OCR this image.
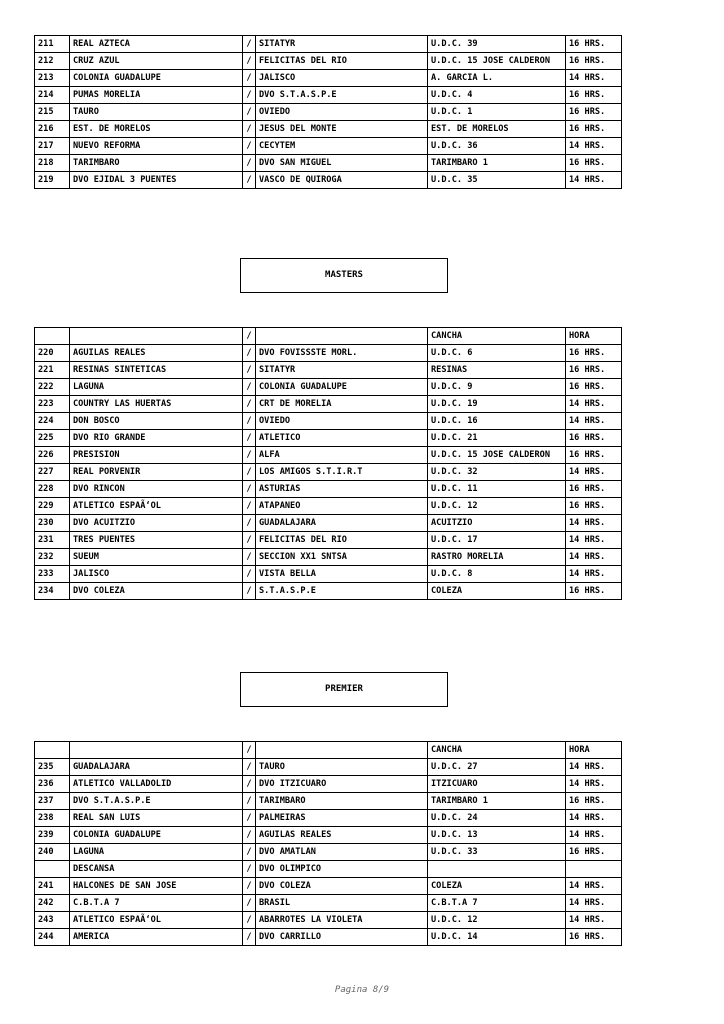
211	REAL AZTECA	/	SITATYR	U.D.C. 39	16 HRS.
212	CRUZ AZUL	/	FELICITAS DEL RIO	U.D.C. 15 JOSE CALDERON	16 HRS.
213	COLONIA GUADALUPE	/	JALISCO	A. GARCIA L.	14 HRS.
214	PUMAS MORELIA	/	DVO S.T.A.S.P.E	U.D.C. 4	16 HRS.
215	TAURO	/	OVIEDO	U.D.C. 1	16 HRS.
216	EST. DE MORELOS	/	JESUS DEL MONTE	EST. DE MORELOS	16 HRS.
217	NUEVO REFORMA	/	CECYTEM	U.D.C. 36	14 HRS.
218	TARIMBARO	/	DVO SAN MIGUEL	TARIMBARO 1	16 HRS.
219	DVO EJIDAL 3 PUENTES	/	VASCO DE QUIROGA	U.D.C. 35	14 HRS.
MASTERS
		/		CANCHA	HORA
220	AGUILAS REALES	/	DVO FOVISSSTE MORL.	U.D.C. 6	16 HRS.
221	RESINAS SINTETICAS	/	SITATYR	RESINAS	16 HRS.
222	LAGUNA	/	COLONIA GUADALUPE	U.D.C. 9	16 HRS.
223	COUNTRY LAS HUERTAS	/	CRT DE MORELIA	U.D.C. 19	14 HRS.
224	DON BOSCO	/	OVIEDO	U.D.C. 16	14 HRS.
225	DVO RIO GRANDE	/	ATLETICO	U.D.C. 21	16 HRS.
226	PRESISION	/	ALFA	U.D.C. 15 JOSE CALDERON	16 HRS.
227	REAL PORVENIR	/	LOS AMIGOS S.T.I.R.T	U.D.C. 32	14 HRS.
228	DVO RINCON	/	ASTURIAS	U.D.C. 11	16 HRS.
229	ATLETICO ESPAÃ‘OL	/	ATAPANEO	U.D.C. 12	16 HRS.
230	DVO ACUITZIO	/	GUADALAJARA	ACUITZIO	14 HRS.
231	TRES PUENTES	/	FELICITAS DEL RIO	U.D.C. 17	14 HRS.
232	SUEUM	/	SECCION XX1 SNTSA	RASTRO MORELIA	14 HRS.
233	JALISCO	/	VISTA BELLA	U.D.C. 8	14 HRS.
234	DVO COLEZA	/	S.T.A.S.P.E	COLEZA	16 HRS.
PREMIER
		/		CANCHA	HORA
235	GUADALAJARA	/	TAURO	U.D.C. 27	14 HRS.
236	ATLETICO VALLADOLID	/	DVO ITZICUARO	ITZICUARO	14 HRS.
237	DVO S.T.A.S.P.E	/	TARIMBARO	TARIMBARO 1	16 HRS.
238	REAL SAN LUIS	/	PALMEIRAS	U.D.C. 24	14 HRS.
239	COLONIA GUADALUPE	/	AGUILAS REALES	U.D.C. 13	14 HRS.
240	LAGUNA	/	DVO AMATLAN	U.D.C. 33	16 HRS.
	DESCANSA	/	DVO OLIMPICO		
241	HALCONES DE SAN JOSE	/	DVO COLEZA	COLEZA	14 HRS.
242	C.B.T.A 7	/	BRASIL	C.B.T.A 7	14 HRS.
243	ATLETICO ESPAÃ‘OL	/	ABARROTES LA VIOLETA	U.D.C. 12	14 HRS.
244	AMERICA	/	DVO CARRILLO	U.D.C. 14	16 HRS.
Pagina 8/9
